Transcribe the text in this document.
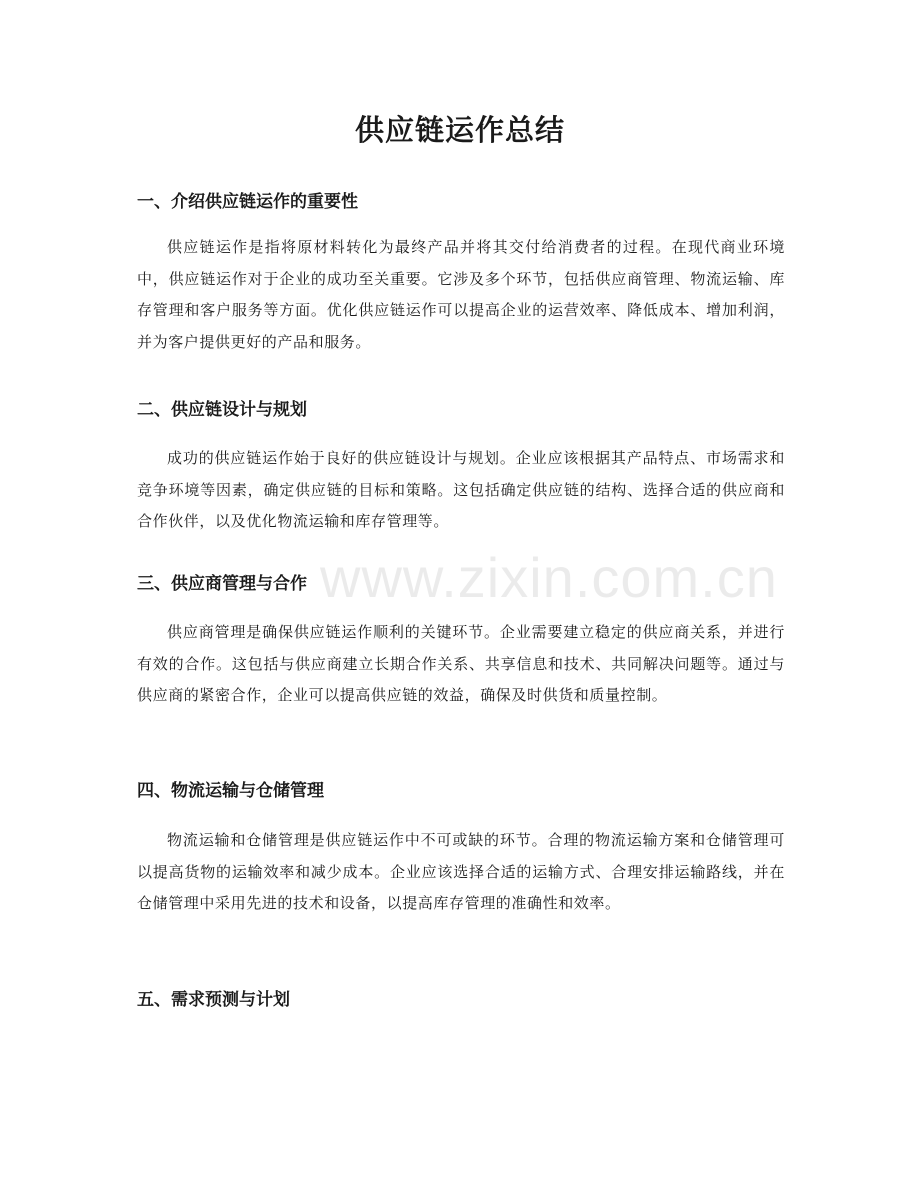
供应链运作总结
一、介绍供应链运作的重要性

供应链运作是指将原材料转化为最终产品并将其交付给消费者的过程。在现代商业环境中，供应链运作对于企业的成功至关重要。它涉及多个环节，包括供应商管理、物流运输、库存管理和客户服务等方面。优化供应链运作可以提高企业的运营效率、降低成本、增加利润，并为客户提供更好的产品和服务。

二、供应链设计与规划

成功的供应链运作始于良好的供应链设计与规划。企业应该根据其产品特点、市场需求和竞争环境等因素，确定供应链的目标和策略。这包括确定供应链的结构、选择合适的供应商和合作伙伴，以及优化物流运输和库存管理等。

三、供应商管理与合作

供应商管理是确保供应链运作顺利的关键环节。企业需要建立稳定的供应商关系，并进行有效的合作。这包括与供应商建立长期合作关系、共享信息和技术、共同解决问题等。通过与供应商的紧密合作，企业可以提高供应链的效益，确保及时供货和质量控制。

四、物流运输与仓储管理

物流运输和仓储管理是供应链运作中不可或缺的环节。合理的物流运输方案和仓储管理可以提高货物的运输效率和减少成本。企业应该选择合适的运输方式、合理安排运输路线，并在仓储管理中采用先进的技术和设备，以提高库存管理的准确性和效率。

五、需求预测与计划
www.zixin.com.cn
